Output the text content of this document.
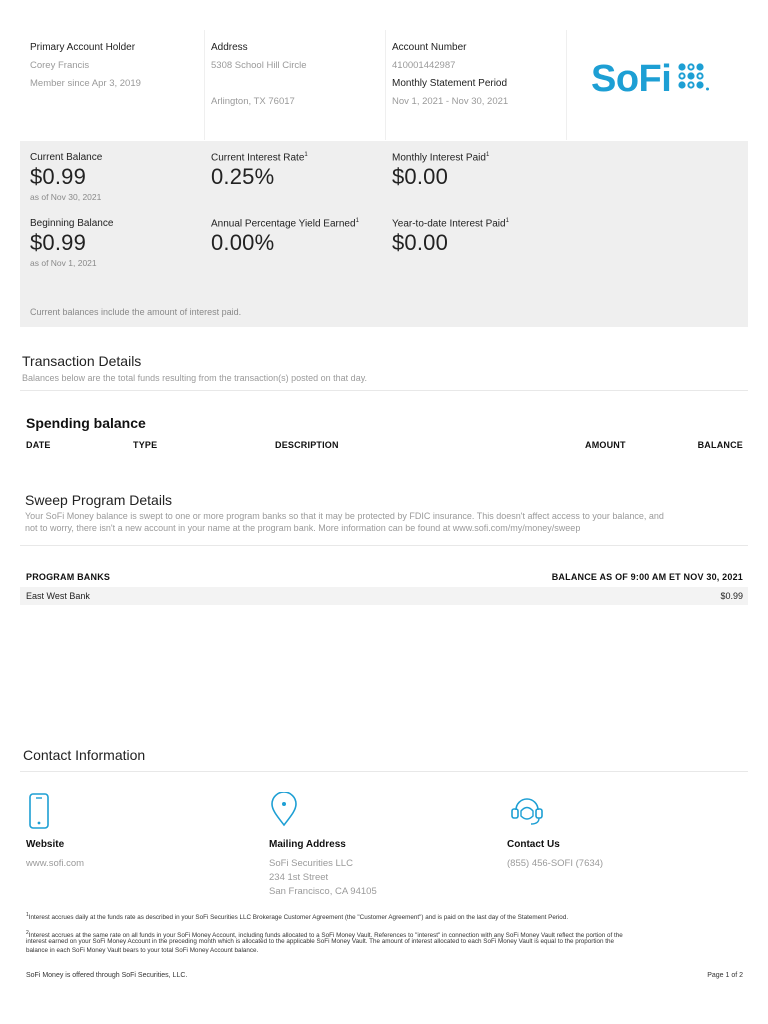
Primary Account Holder
Corey Francis
Member since Apr 3, 2019
Address
5308 School Hill Circle
Arlington, TX 76017
Account Number
410001442987
Monthly Statement Period
Nov 1, 2021 - Nov 30, 2021
SoFi
Current Balance
$0.99
as of Nov 30, 2021
Current Interest Rate$^1$
0.25%
Monthly Interest Paid$^1$
$0.00
Beginning Balance
$0.99
as of Nov 1, 2021
Annual Percentage Yield Earned$^1$
0.00%
Year-to-date Interest Paid$^1$
$0.00
Current balances include the amount of interest paid.
Transaction Details
Balances below are the total funds resulting from the transaction(s) posted on that day.
Spending balance
DATE	TYPE	DESCRIPTION	AMOUNT	BALANCE
Sweep Program Details
Your SoFi Money balance is swept to one or more program banks so that it may be protected by FDIC insurance. This doesn't affect access to your balance, and
not to worry, there isn't a new account in your name at the program bank. More information can be found at www.sofi.com/my/money/sweep
PROGRAM BANKS	BALANCE AS OF 9:00 AM ET NOV 30, 2021
East West Bank	$0.99
Contact Information
Website
www.sofi.com
Mailing Address
SoFi Securities LLC
234 1st Street
San Francisco, CA 94105
Contact Us
(855) 456-SOFI (7634)
$^1$Interest accrues daily at the funds rate as described in your SoFi Securities LLC Brokerage Customer Agreement (the "Customer Agreement") and is paid on the last day of the Statement Period.
$^2$Interest accrues at the same rate on all funds in your SoFi Money Account, including funds allocated to a SoFi Money Vault. References to "interest" in connection with any SoFi Money Vault reflect the portion of the
interest earned on your SoFi Money Account in the preceding month which is allocated to the applicable SoFi Money Vault. The amount of interest allocated to each SoFi Money Vault is equal to the proportion the
balance in each SoFi Money Vault bears to your total SoFi Money Account balance.
SoFi Money is offered through SoFi Securities, LLC.	Page 1 of 2
